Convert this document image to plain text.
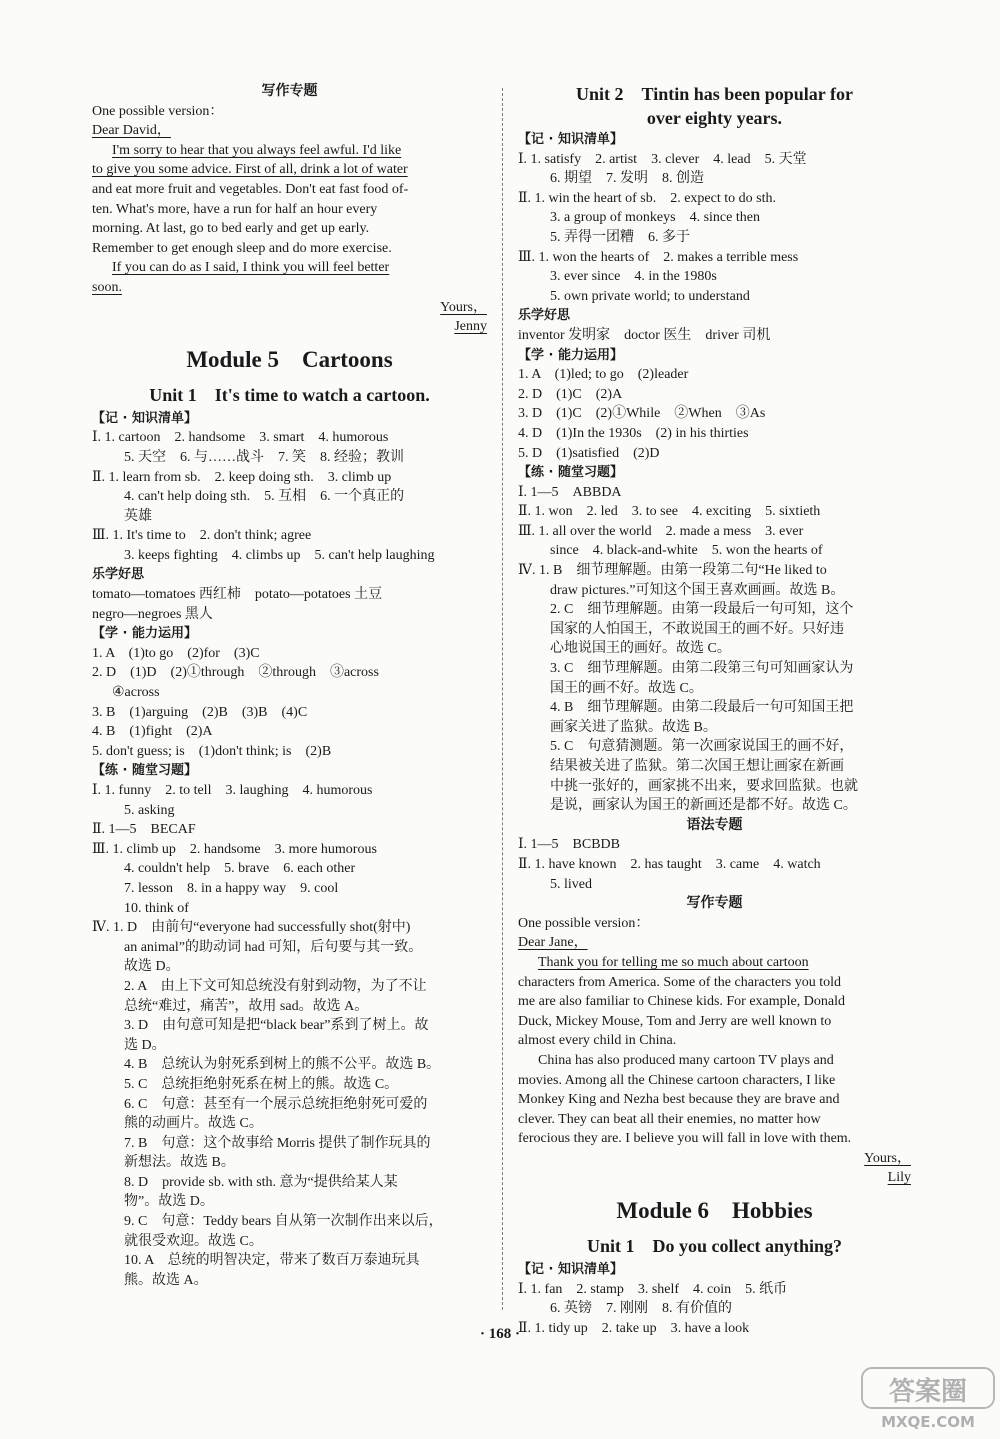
写作专题
One possible version：
Dear David，
I'm sorry to hear that you always feel awful. I'd like
to give you some advice. First of all, drink a lot of water
and eat more fruit and vegetables. Don't eat fast food of-
ten. What's more, have a run for half an hour every
morning. At last, go to bed early and get up early.
Remember to get enough sleep and do more exercise.
If you can do as I said, I think you will feel better
soon.
Yours，
Jenny
Module 5　Cartoons
Unit 1　It's time to watch a cartoon.
【记 · 知识清单】
Ⅰ. 1. cartoon　2. handsome　3. smart　4. humorous
5. 天空　6. 与……战斗　7. 笑　8. 经验；教训
Ⅱ. 1. learn from sb.　2. keep doing sth.　3. climb up
4. can't help doing sth.　5. 互相　6. 一个真正的
英雄
Ⅲ. 1. It's time to　2. don't think; agree
3. keeps fighting　4. climbs up　5. can't help laughing
乐学好思
tomato—tomatoes 西红柿　potato—potatoes 土豆
negro—negroes 黑人
【学 · 能力运用】
1. A　(1)to go　(2)for　(3)C
2. D　(1)D　(2)①through　②through　③across
④across
3. B　(1)arguing　(2)B　(3)B　(4)C
4. B　(1)fight　(2)A
5. don't guess; is　(1)don't think; is　(2)B
【练 · 随堂习题】
Ⅰ. 1. funny　2. to tell　3. laughing　4. humorous
5. asking
Ⅱ. 1—5　BECAF
Ⅲ. 1. climb up　2. handsome　3. more humorous
4. couldn't help　5. brave　6. each other
7. lesson　8. in a happy way　9. cool
10. think of
Ⅳ. 1. D　由前句“everyone had successfully shot(射中)
an animal”的助动词 had 可知，后句要与其一致。
故选 D。
2. A　由上下文可知总统没有射到动物，为了不让
总统“难过，痛苦”，故用 sad。故选 A。
3. D　由句意可知是把“black bear”系到了树上。故
选 D。
4. B　总统认为射死系到树上的熊不公平。故选 B。
5. C　总统拒绝射死系在树上的熊。故选 C。
6. C　句意：甚至有一个展示总统拒绝射死可爱的
熊的动画片。故选 C。
7. B　句意：这个故事给 Morris 提供了制作玩具的
新想法。故选 B。
8. D　provide sb. with sth. 意为“提供给某人某
物”。故选 D。
9. C　句意：Teddy bears 自从第一次制作出来以后，
就很受欢迎。故选 C。
10. A　总统的明智决定，带来了数百万泰迪玩具
熊。故选 A。
Unit 2　Tintin has been popular for
over eighty years.
【记 · 知识清单】
Ⅰ. 1. satisfy　2. artist　3. clever　4. lead　5. 天堂
6. 期望　7. 发明　8. 创造
Ⅱ. 1. win the heart of sb.　2. expect to do sth.
3. a group of monkeys　4. since then
5. 弄得一团糟　6. 多于
Ⅲ. 1. won the hearts of　2. makes a terrible mess
3. ever since　4. in the 1980s
5. own private world; to understand
乐学好思
inventor 发明家　doctor 医生　driver 司机
【学 · 能力运用】
1. A　(1)led; to go　(2)leader
2. D　(1)C　(2)A
3. D　(1)C　(2)①While　②When　③As
4. D　(1)In the 1930s　(2) in his thirties
5. D　(1)satisfied　(2)D
【练 · 随堂习题】
Ⅰ. 1—5　ABBDA
Ⅱ. 1. won　2. led　3. to see　4. exciting　5. sixtieth
Ⅲ. 1. all over the world　2. made a mess　3. ever
since　4. black-and-white　5. won the hearts of
Ⅳ. 1. B　细节理解题。由第一段第二句“He liked to
draw pictures.”可知这个国王喜欢画画。故选 B。
2. C　细节理解题。由第一段最后一句可知，这个
国家的人怕国王，不敢说国王的画不好。只好违
心地说国王的画好。故选 C。
3. C　细节理解题。由第二段第三句可知画家认为
国王的画不好。故选 C。
4. B　细节理解题。由第二段最后一句可知国王把
画家关进了监狱。故选 B。
5. C　句意猜测题。第一次画家说国王的画不好，
结果被关进了监狱。第二次国王想让画家在新画
中挑一张好的，画家挑不出来，要求回监狱。也就
是说，画家认为国王的新画还是都不好。故选 C。
语法专题
Ⅰ. 1—5　BCBDB
Ⅱ. 1. have known　2. has taught　3. came　4. watch
5. lived
写作专题
One possible version：
Dear Jane，
Thank you for telling me so much about cartoon
characters from America. Some of the characters you told
me are also familiar to Chinese kids. For example, Donald
Duck, Mickey Mouse, Tom and Jerry are well known to
almost every child in China.
China has also produced many cartoon TV plays and
movies. Among all the Chinese cartoon characters, I like
Monkey King and Nezha best because they are brave and
clever. They can beat all their enemies, no matter how
ferocious they are. I believe you will fall in love with them.
Yours，
Lily
Module 6　Hobbies
Unit 1　Do you collect anything?
【记 · 知识清单】
Ⅰ. 1. fan　2. stamp　3. shelf　4. coin　5. 纸币
6. 英镑　7. 刚刚　8. 有价值的
Ⅱ. 1. tidy up　2. take up　3. have a look
· 168 ·
答案圈
MXQE.COM
